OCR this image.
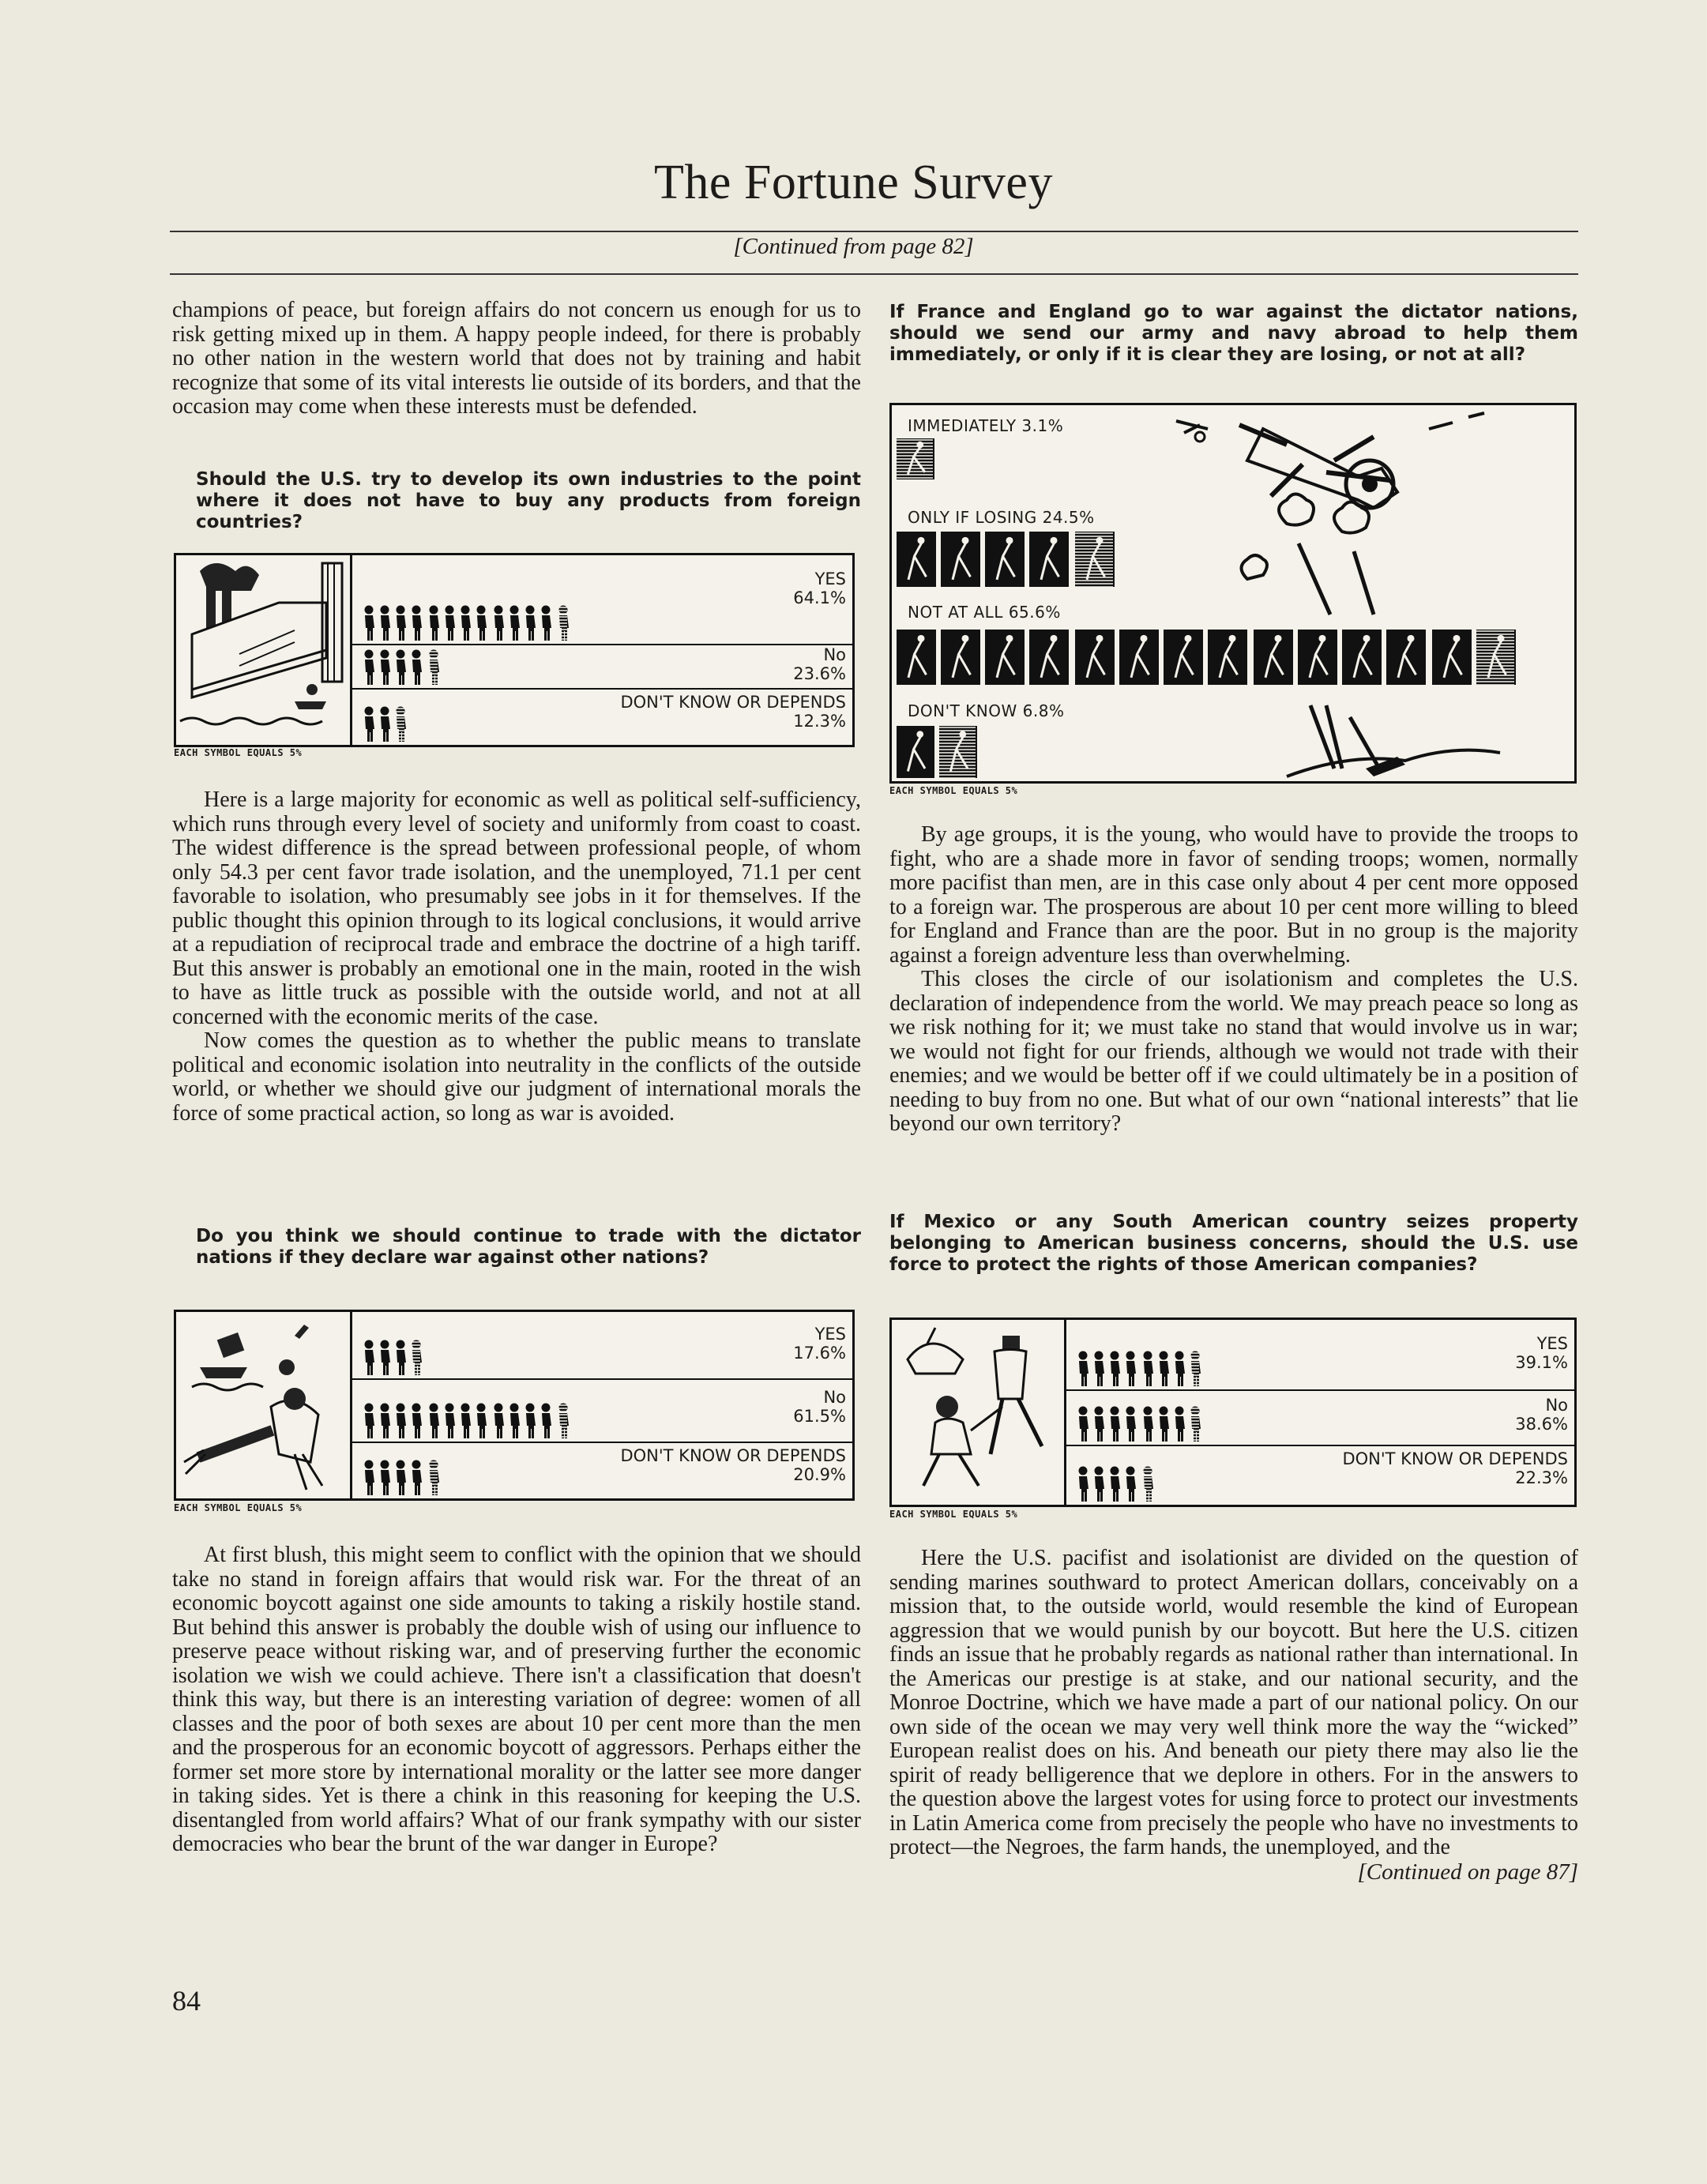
The Fortune Survey
[Continued from page 82]

champions of peace, but foreign affairs do not concern us enough for us to risk getting mixed up in them. A happy people indeed, for there is probably no other nation in the western world that does not by training and habit recognize that some of its vital interests lie outside of its borders, and that the occasion may come when these interests must be defended.

Should the U.S. try to develop its own industries to the point where it does not have to buy any products from foreign countries?
YES
64.1%
No
23.6%
DON'T KNOW OR DEPENDS
12.3%
EACH SYMBOL EQUALS 5%

Here is a large majority for economic as well as political self-sufficiency, which runs through every level of society and uniformly from coast to coast. The widest difference is the spread between professional people, of whom only 54.3 per cent favor trade isolation, and the unemployed, 71.1 per cent favorable to isolation, who presumably see jobs in it for themselves. If the public thought this opinion through to its logical conclusions, it would arrive at a repudiation of reciprocal trade and embrace the doctrine of a high tariff. But this answer is probably an emotional one in the main, rooted in the wish to have as little truck as possible with the outside world, and not at all concerned with the economic merits of the case.

Now comes the question as to whether the public means to translate political and economic isolation into neutrality in the conflicts of the outside world, or whether we should give our judgment of international morals the force of some practical action, so long as war is avoided.

Do you think we should continue to trade with the dictator nations if they declare war against other nations?
YES
17.6%
No
61.5%
DON'T KNOW OR DEPENDS
20.9%
EACH SYMBOL EQUALS 5%

At first blush, this might seem to conflict with the opinion that we should take no stand in foreign affairs that would risk war. For the threat of an economic boycott against one side amounts to taking a riskily hostile stand. But behind this answer is probably the double wish of using our influence to preserve peace without risking war, and of preserving further the economic isolation we wish we could achieve. There isn't a classification that doesn't think this way, but there is an interesting variation of degree: women of all classes and the poor of both sexes are about 10 per cent more than the men and the prosperous for an economic boycott of aggressors. Perhaps either the former set more store by international morality or the latter see more danger in taking sides. Yet is there a chink in this reasoning for keeping the U.S. disentangled from world affairs? What of our frank sympathy with our sister democracies who bear the brunt of the war danger in Europe?

If France and England go to war against the dictator nations, should we send our army and navy abroad to help them immediately, or only if it is clear they are losing, or not at all?
IMMEDIATELY 3.1%
ONLY IF LOSING 24.5%
NOT AT ALL 65.6%
DON'T KNOW 6.8%
EACH SYMBOL EQUALS 5%

By age groups, it is the young, who would have to provide the troops to fight, who are a shade more in favor of sending troops; women, normally more pacifist than men, are in this case only about 4 per cent more opposed to a foreign war. The prosperous are about 10 per cent more willing to bleed for England and France than are the poor. But in no group is the majority against a foreign adventure less than overwhelming.

This closes the circle of our isolationism and completes the U.S. declaration of independence from the world. We may preach peace so long as we risk nothing for it; we must take no stand that would involve us in war; we would not fight for our friends, although we would not trade with their enemies; and we would be better off if we could ultimately be in a position of needing to buy from no one. But what of our own “national interests” that lie beyond our own territory?

If Mexico or any South American country seizes property belonging to American business concerns, should the U.S. use force to protect the rights of those American companies?
YES
39.1%
No
38.6%
DON'T KNOW OR DEPENDS
22.3%
EACH SYMBOL EQUALS 5%

Here the U.S. pacifist and isolationist are divided on the question of sending marines southward to protect American dollars, conceivably on a mission that, to the outside world, would resemble the kind of European aggression that we would punish by our boycott. But here the U.S. citizen finds an issue that he probably regards as national rather than international. In the Americas our prestige is at stake, and our national security, and the Monroe Doctrine, which we have made a part of our national policy. On our own side of the ocean we may very well think more the way the “wicked” European realist does on his. And beneath our piety there may also lie the spirit of ready belligerence that we deplore in others. For in the answers to the question above the largest votes for using force to protect our investments in Latin America come from precisely the people who have no investments to protect—the Negroes, the farm hands, the unemployed, and the

[Continued on page 87]
84
